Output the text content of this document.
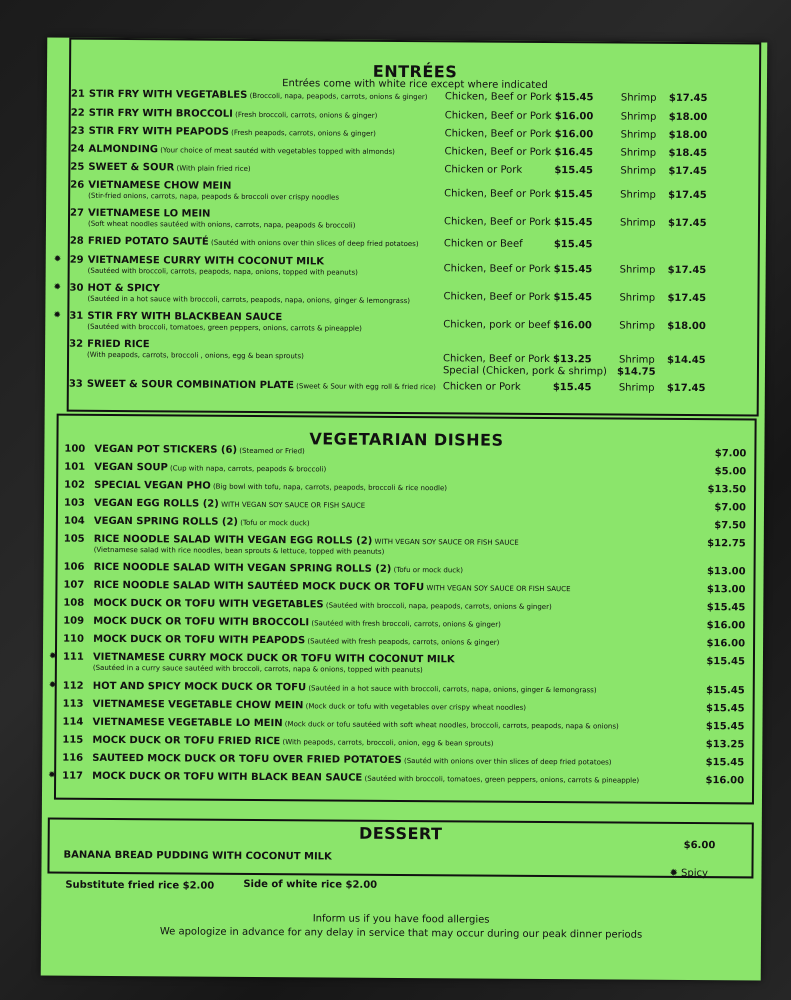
ENTRÉES
Entrées come with white rice except where indicated
21 STIR FRY WITH VEGETABLES (Broccoli, napa, peapods, carrots, onions & ginger) Chicken, Beef or Pork $15.45	Shrimp $17.45
22 STIR FRY WITH BROCCOLI (Fresh broccoli, carrots, onions & ginger)	Chicken, Beef or Pork $16.00	Shrimp $18.00
23 STIR FRY WITH PEAPODS (Fresh peapods, carrots, onions & ginger)	Chicken, Beef or Pork $16.00	Shrimp $18.00
24 ALMONDING (Your choice of meat sautéd with vegetables topped with almonds)	Chicken, Beef or Pork $16.45	Shrimp $18.45
25 SWEET & SOUR (With plain fried rice)	Chicken or Pork	$15.45	Shrimp $17.45
26 VIETNAMESE CHOW MEIN
(Stir-fried onions, carrots, napa, peapods & broccoli over crispy noodles	Chicken, Beef or Pork $15.45	Shrimp $17.45
27 VIETNAMESE LO MEIN
(Soft wheat noodles sautéed with onions, carrots, napa, peapods & broccoli)	Chicken, Beef or Pork $15.45	Shrimp $17.45
28 FRIED POTATO SAUTÉ (Sautéd with onions over thin slices of deep fried potatoes)	Chicken or Beef	$15.45
✹ 29 VIETNAMESE CURRY WITH COCONUT MILK
(Sautéed with broccoli, carrots, peapods, napa, onions, topped with peanuts)	Chicken, Beef or Pork $15.45	Shrimp $17.45
✹ 30 HOT & SPICY
(Sautéed in a hot sauce with broccoli, carrots, peapods, napa, onions, ginger & lemongrass)	Chicken, Beef or Pork $15.45	Shrimp $17.45
✹ 31 STIR FRY WITH BLACKBEAN SAUCE
(Sautéed with broccoli, tomatoes, green peppers, onions, carrots & pineapple)	Chicken, pork or beef $16.00	Shrimp $18.00
32 FRIED RICE
(With peapods, carrots, broccoli , onions, egg & bean sprouts)	Chicken, Beef or Pork $13.25	Shrimp $14.45
Special (Chicken, pork & shrimp) $14.75
33 SWEET & SOUR COMBINATION PLATE (Sweet & Sour with egg roll & fried rice) Chicken or Pork	$15.45	Shrimp $17.45
VEGETARIAN DISHES
100 VEGAN POT STICKERS (6) (Steamed or Fried)	$7.00
101 VEGAN SOUP (Cup with napa, carrots, peapods & broccoli)	$5.00
102 SPECIAL VEGAN PHO (Big bowl with tofu, napa, carrots, peapods, broccoli & rice noodle)	$13.50
103 VEGAN EGG ROLLS (2) WITH VEGAN SOY SAUCE OR FISH SAUCE	$7.00
104 VEGAN SPRING ROLLS (2) (Tofu or mock duck)	$7.50
105 RICE NOODLE SALAD WITH VEGAN EGG ROLLS (2) WITH VEGAN SOY SAUCE OR FISH SAUCE
(Vietnamese salad with rice noodles, bean sprouts & lettuce, topped with peanuts)
$12.75
106 RICE NOODLE SALAD WITH VEGAN SPRING ROLLS (2) (Tofu or mock duck)	$13.00
107 RICE NOODLE SALAD WITH SAUTÉED MOCK DUCK OR TOFU WITH VEGAN SOY SAUCE OR FISH SAUCE	$13.00
108 MOCK DUCK OR TOFU WITH VEGETABLES (Sautéed with broccoli, napa, peapods, carrots, onions & ginger)	$15.45
109 MOCK DUCK OR TOFU WITH BROCCOLI (Sautéed with fresh broccoli, carrots, onions & ginger)	$16.00
110 MOCK DUCK OR TOFU WITH PEAPODS (Sautéed with fresh peapods, carrots, onions & ginger)	$16.00
✹ 111 VIETNAMESE CURRY MOCK DUCK OR TOFU WITH COCONUT MILK
(Sautéed in a curry sauce sautéed with broccoli, carrots, napa & onions, topped with peanuts)
$15.45
✹ 112 HOT AND SPICY MOCK DUCK OR TOFU (Sautéed in a hot sauce with broccoli, carrots, napa, onions, ginger & lemongrass)	$15.45
113 VIETNAMESE VEGETABLE CHOW MEIN (Mock duck or tofu with vegetables over crispy wheat noodles)	$15.45
114 VIETNAMESE VEGETABLE LO MEIN (Mock duck or tofu sautéed with soft wheat noodles, broccoli, carrots, peapods, napa & onions)	$15.45
115 MOCK DUCK OR TOFU FRIED RICE (With peapods, carrots, broccoli, onion, egg & bean sprouts)	$13.25
116 SAUTEED MOCK DUCK OR TOFU OVER FRIED POTATOES (Sautéd with onions over thin slices of deep fried potatoes)	$15.45
✹ 117 MOCK DUCK OR TOFU WITH BLACK BEAN SAUCE (Sautéed with broccoli, tomatoes, green peppers, onions, carrots & pineapple)	$16.00
DESSERT
BANANA BREAD PUDDING WITH COCONUT MILK
$6.00
✹ Spicy
Substitute fried rice $2.00	Side of white rice $2.00
Inform us if you have food allergies
We apologize in advance for any delay in service that may occur during our peak dinner periods
